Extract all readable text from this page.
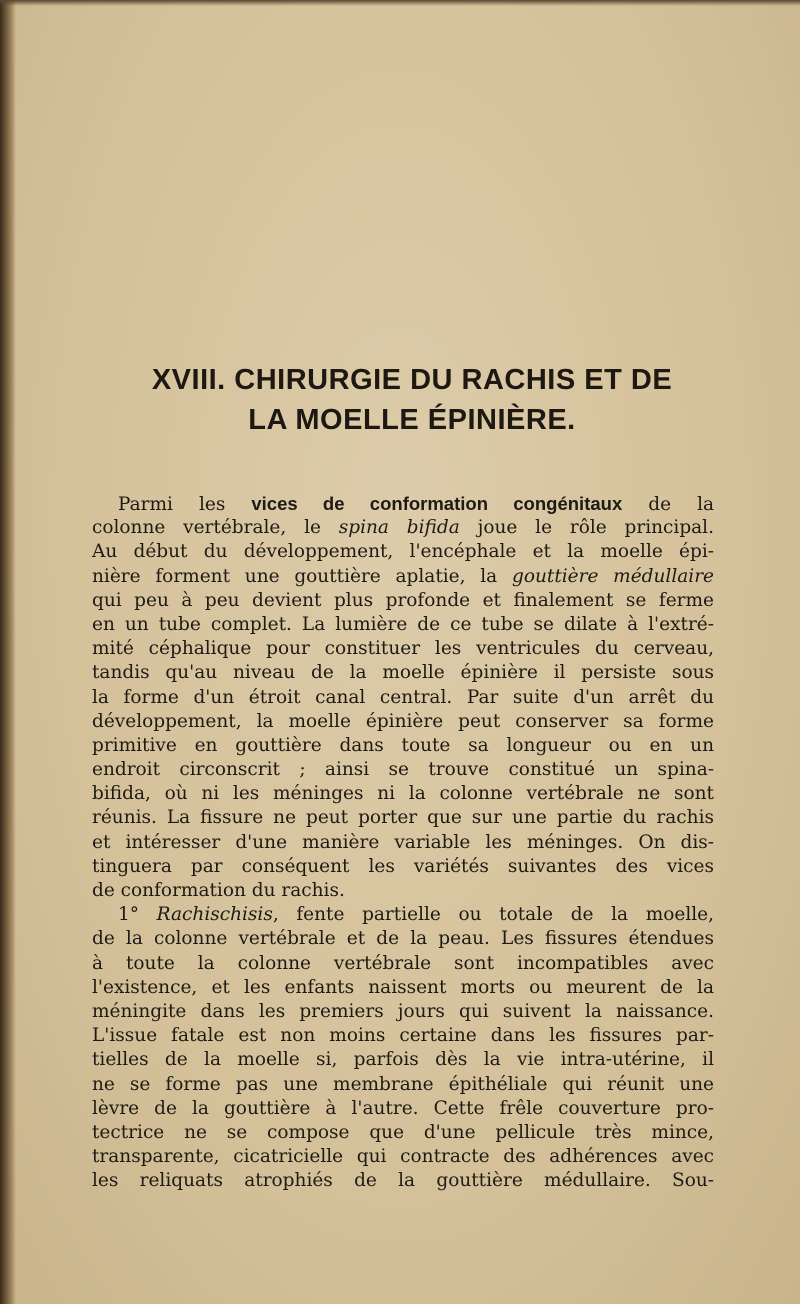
XVIII. CHIRURGIE DU RACHIS ET DE
LA MOELLE ÉPINIÈRE.
Parmi les vices de conformation congénitaux de la
colonne vertébrale, le spina bifida joue le rôle principal.
Au début du développement, l'encéphale et la moelle épi-
nière forment une gouttière aplatie, la gouttière médullaire
qui peu à peu devient plus profonde et finalement se ferme
en un tube complet. La lumière de ce tube se dilate à l'extré-
mité céphalique pour constituer les ventricules du cerveau,
tandis qu'au niveau de la moelle épinière il persiste sous
la forme d'un étroit canal central. Par suite d'un arrêt du
développement, la moelle épinière peut conserver sa forme
primitive en gouttière dans toute sa longueur ou en un
endroit circonscrit ; ainsi se trouve constitué un spina-
bifida, où ni les méninges ni la colonne vertébrale ne sont
réunis. La fissure ne peut porter que sur une partie du rachis
et intéresser d'une manière variable les méninges. On dis-
tinguera par conséquent les variétés suivantes des vices
de conformation du rachis.
1° Rachischisis, fente partielle ou totale de la moelle,
de la colonne vertébrale et de la peau. Les fissures étendues
à toute la colonne vertébrale sont incompatibles avec
l'existence, et les enfants naissent morts ou meurent de la
méningite dans les premiers jours qui suivent la naissance.
L'issue fatale est non moins certaine dans les fissures par-
tielles de la moelle si, parfois dès la vie intra-utérine, il
ne se forme pas une membrane épithéliale qui réunit une
lèvre de la gouttière à l'autre. Cette frêle couverture pro-
tectrice ne se compose que d'une pellicule très mince,
transparente, cicatricielle qui contracte des adhérences avec
les reliquats atrophiés de la gouttière médullaire. Sou-
